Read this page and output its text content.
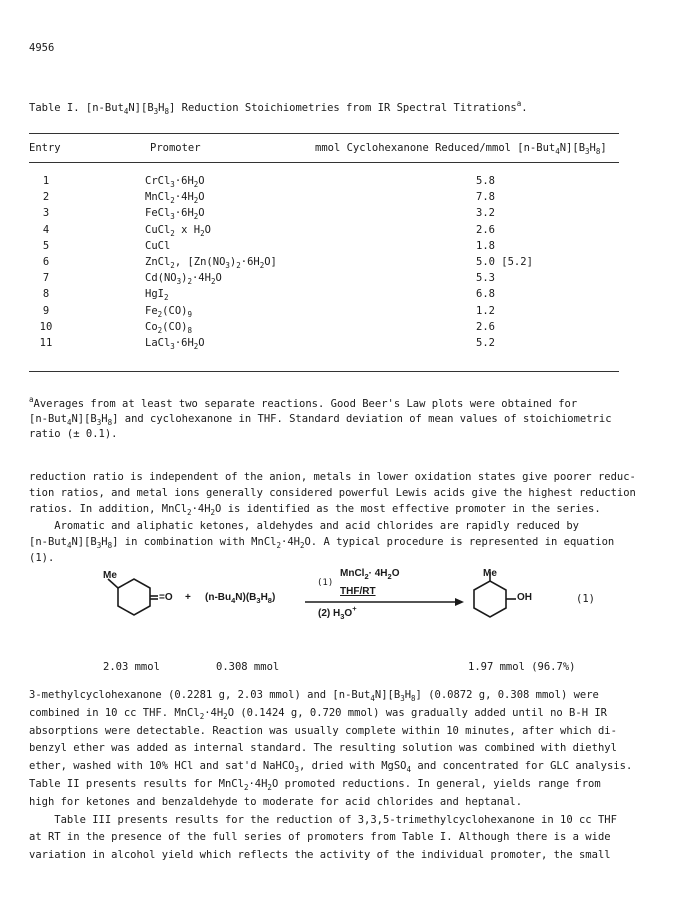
4956
Table I. $[n-But_4N][B_3H_8]$ Reduction Stoichiometries from IR Spectral Titrations$^a$.
Entry	Promoter	mmol Cyclohexanone Reduced/mmol $[n-But_4N][B_3H_8]$
1	$CrCl_3\cdot 6H_2O$	5.8
2	$MnCl_2\cdot 4H_2O$	7.8
3	$FeCl_3\cdot 6H_2O$	3.2
4	CuCl$_2$ x $H_2O$	2.6
5	CuCl	1.8
6	ZnCl$_2$, $[Zn(NO_3)_2\cdot 6H_2O]$	5.0 [5.2]
7	$Cd(NO_3)_2\cdot 4H_2O$	5.3
8	HgI$_2$	6.8
9	$Fe_2(CO)_9$	1.2
10	$Co_2(CO)_8$	2.6
11	$LaCl_3\cdot 6H_2O$	5.2
$^a$Averages from at least two separate reactions. Good Beer's Law plots were obtained for
$[n-But_4N][B_3H_8]$ and cyclohexanone in THF. Standard deviation of mean values of stoichiometric
ratio (± 0.1).
reduction ratio is independent of the anion, metals in lower oxidation states give poorer reduc-
tion ratios, and metal ions generally considered powerful Lewis acids give the highest reduction
ratios. In addition, $MnCl_2\cdot 4H_2O$ is identified as the most effective promoter in the series.
Aromatic and aliphatic ketones, aldehydes and acid chlorides are rapidly reduced by
$[n-But_4N][B_3H_8]$ in combination with $MnCl_2\cdot 4H_2O$. A typical procedure is represented in equation
(1).
Me
$=O + (n-Bu_4N)(B_3H_8)$
(1)
MnCl$_2$· $4H_2O$
THF/RT
(2) $H_3O^+$
Me
OH	(1)
2.03 mmol	0.308 mmol	1.97 mmol (96.7%)
3-methylcyclohexanone (0.2281 g, 2.03 mmol) and $[n-But_4N][B_3H_8]$ (0.0872 g, 0.308 mmol) were
combined in 10 cc THF. $MnCl_2\cdot 4H_2O$ (0.1424 g, 0.720 mmol) was gradually added until no B-H IR
absorptions were detectable. Reaction was usually complete within 10 minutes, after which di-
benzyl ether was added as internal standard. The resulting solution was combined with diethyl
ether, washed with 10% HCl and sat'd NaHCO$_3$, dried with MgSO$_4$ and concentrated for GLC analysis.
Table II presents results for $MnCl_2\cdot 4H_2O$ promoted reductions. In general, yields range from
high for ketones and benzaldehyde to moderate for acid chlorides and heptanal.
Table III presents results for the reduction of 3,3,5-trimethylcyclohexanone in 10 cc THF
at RT in the presence of the full series of promoters from Table I. Although there is a wide
variation in alcohol yield which reflects the activity of the individual promoter, the small
